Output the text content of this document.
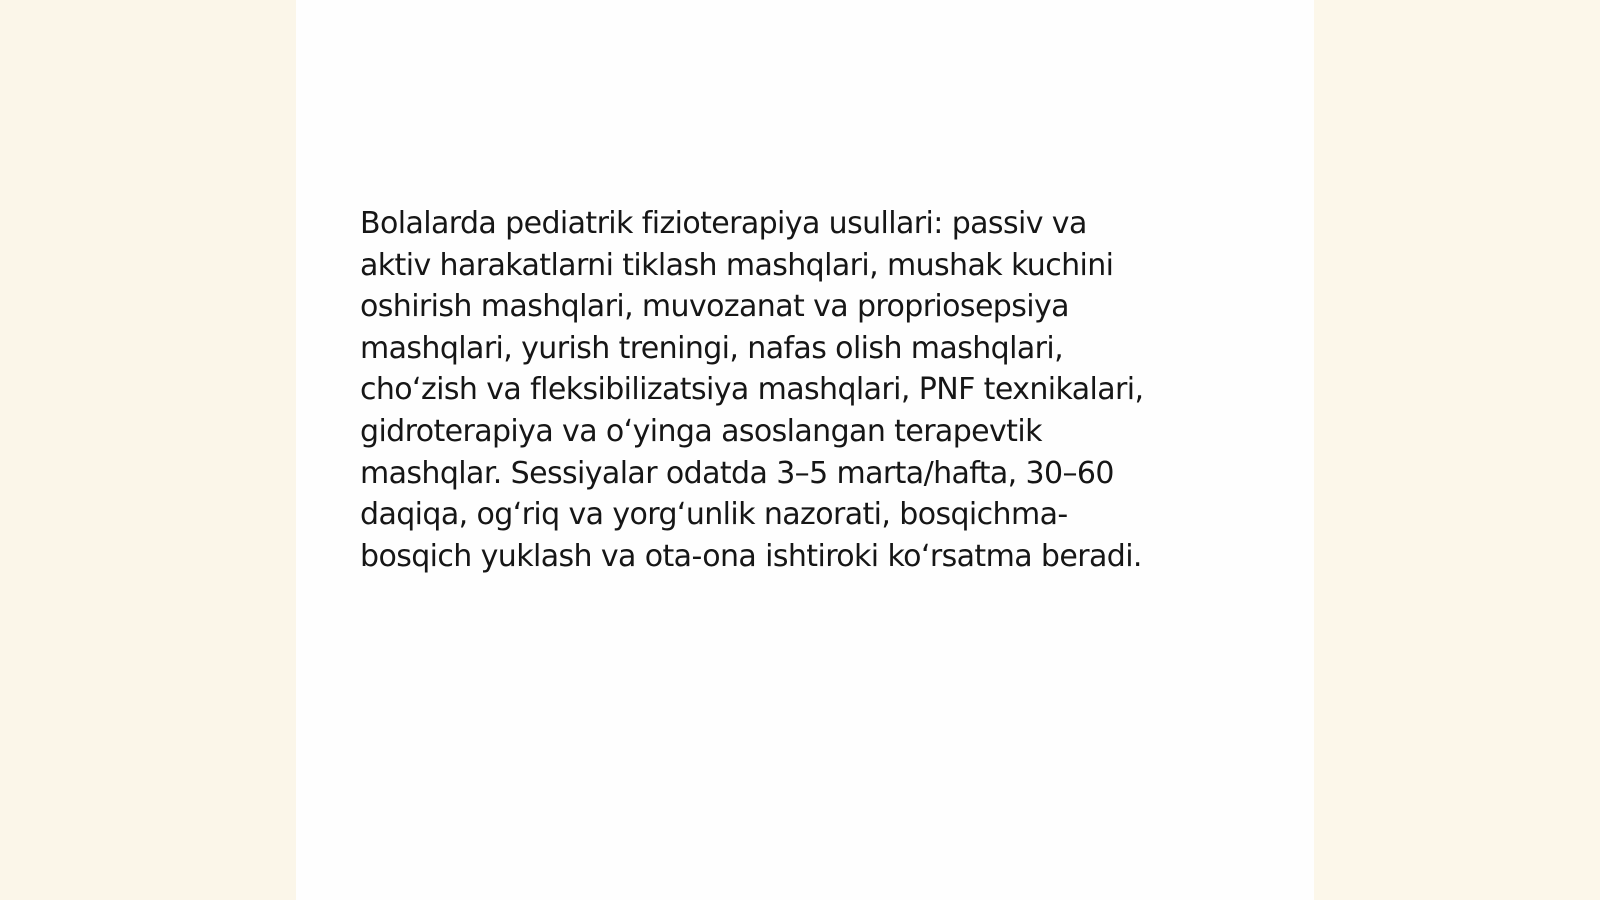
Bolalarda pediatrik fizioterapiya usullari: passiv va
aktiv harakatlarni tiklash mashqlari, mushak kuchini
oshirish mashqlari, muvozanat va propriosepsiya
mashqlari, yurish treningi, nafas olish mashqlari,
cho‘zish va fleksibilizatsiya mashqlari, PNF texnikalari,
gidroterapiya va o‘yinga asoslangan terapevtik
mashqlar. Sessiyalar odatda 3–5 marta/hafta, 30–60
daqiqa, og‘riq va yorg‘unlik nazorati, bosqichma-
bosqich yuklash va ota-ona ishtiroki ko‘rsatma beradi.
